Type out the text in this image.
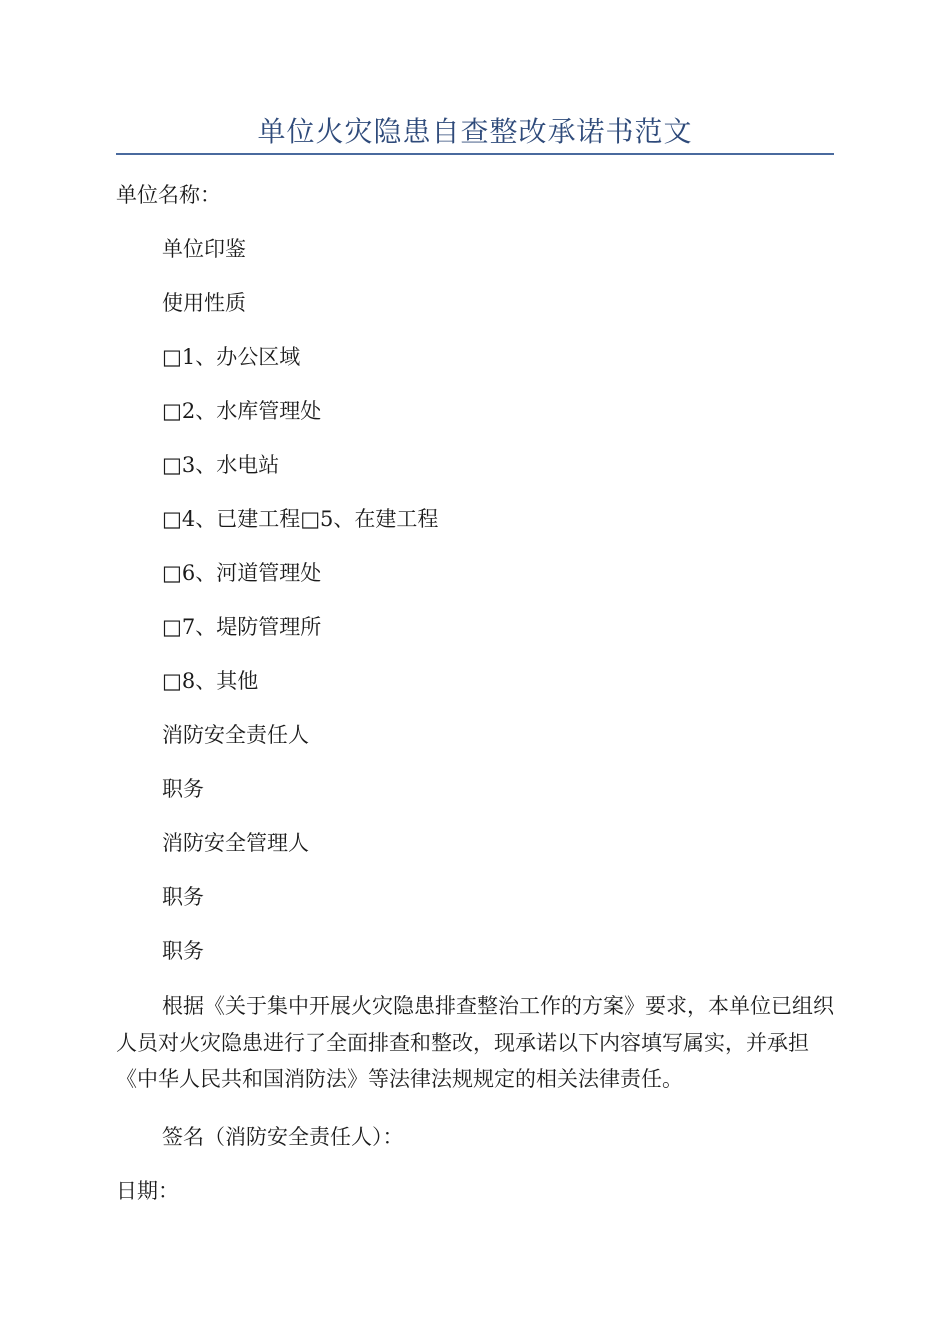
单位火灾隐患自查整改承诺书范文
单位名称：
单位印鉴
使用性质
□1、办公区域
□2、水库管理处
□3、水电站
□4、已建工程□5、在建工程
□6、河道管理处
□7、堤防管理所
□8、其他
消防安全责任人
职务
消防安全管理人
职务
职务
根据《关于集中开展火灾隐患排查整治工作的方案》要求，本单位已组织人员对火灾隐患进行了全面排查和整改，现承诺以下内容填写属实，并承担《中华人民共和国消防法》等法律法规规定的相关法律责任。
签名（消防安全责任人）：
日期：
